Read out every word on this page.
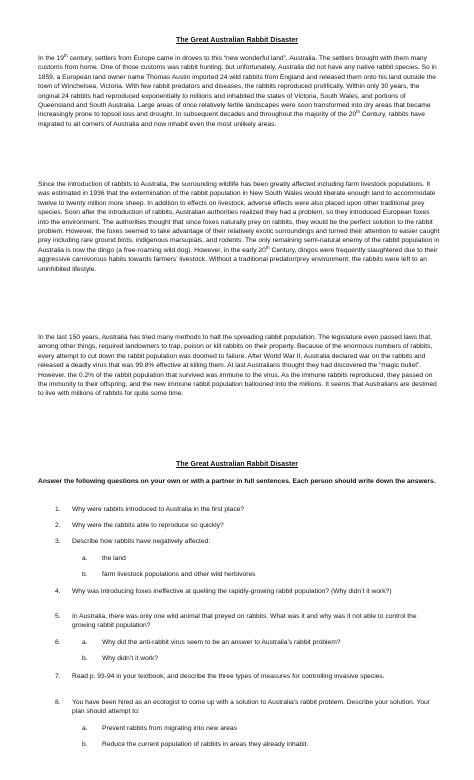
The Great Australian Rabbit Disaster

In the 19th century, settlers from Europe came in droves to this “new wonderful land”, Australia. The settlers brought with them many customs from home. One of those customs was rabbit hunting; but unfortunately, Australia did not have any native rabbit species. So in 1859, a European land owner name Thomas Austin imported 24 wild rabbits from England and released them onto his land outside the town of Winchelsea, Victoria. With few rabbit predators and diseases, the rabbits reproduced prolifically. Within only 30 years, the original 24 rabbits had reproduced exponentially to millions and inhabited the states of Victoria, South Wales, and portions of Queensland and South Australia. Large areas of once relatively fertile landscapes were soon transformed into dry areas that became increasingly prone to topsoil loss and drought. In subsequent decades and throughout the majority of the 20th Century, rabbits have migrated to all corners of Australia and now inhabit even the most unlikely areas.

Since the introduction of rabbits to Australia, the surrounding wildlife has been greatly affected including farm livestock populations. It was estimated in 1936 that the extermination of the rabbit population in New South Wales would liberate enough land to accommodate twelve to twenty million more sheep. In addition to effects on livestock, adverse effects were also placed upon other traditional prey species. Soon after the introduction of rabbits, Australian authorities realized they had a problem, so they introduced European foxes into the environment. The authorities thought that since foxes naturally prey on rabbits, they would be the perfect solution to the rabbit problem. However, the foxes seemed to take advantage of their relatively exotic surroundings and turned their attention to easier caught prey including rare ground birds, indigenous marsupials, and rodents. The only remaining semi-natural enemy of the rabbit population in Australia is now the dingo (a free-roaming wild dog). However, in the early 20th Century, dingos were frequently slaughtered due to their aggressive carnivorous habits towards farmers’ livestock. Without a traditional predator/prey environment, the rabbits were left to an uninhibited lifestyle.

In the last 150 years, Australia has tried many methods to halt the spreading rabbit population. The legislature even passed laws that, among other things, required landowners to trap, poison or kill rabbits on their property. Because of the enormous numbers of rabbits, every attempt to cut down the rabbit population was doomed to failure. After World War II, Australia declared war on the rabbits and released a deadly virus that was 99.8% effective at killing them. At last Australians thought they had discovered the “magic bullet”. However, the 0.2% of the rabbit population that survived was immune to the virus. As the immune rabbits reproduced, they passed on the immunity to their offspring, and the new immune rabbit population ballooned into the millions. It seems that Australians are destined to live with millions of rabbits for quite some time.

The Great Australian Rabbit Disaster
Answer the following questions on your own or with a partner in full sentences. Each person should write down the answers.
1.	Why were rabbits introduced to Australia in the first place?
2.	Why were the rabbits able to reproduce so quickly?
3.	Describe how rabbits have negatively affected:
a.	the land
b.	farm livestock populations and other wild herbivores
4.	Why was introducing foxes ineffective at quelling the rapidly-growing rabbit population? (Why didn’t it work?)
5.	In Australia, there was only one wild animal that preyed on rabbits. What was it and why was it not able to control the growing rabbit population?
6.	a.	Why did the anti-rabbit virus seem to be an answer to Australia’s rabbit problem?
b.	Why didn’t it work?
7.	Read p. 93-94 in your textbook, and describe the three types of measures for controlling invasive species.
8.	You have been hired as an ecologist to come up with a solution to Australia’s rabbit problem. Describe your solution. Your plan should attempt to:
a.	Prevent rabbits from migrating into new areas
b.	Reduce the current population of rabbits in areas they already inhabit.
